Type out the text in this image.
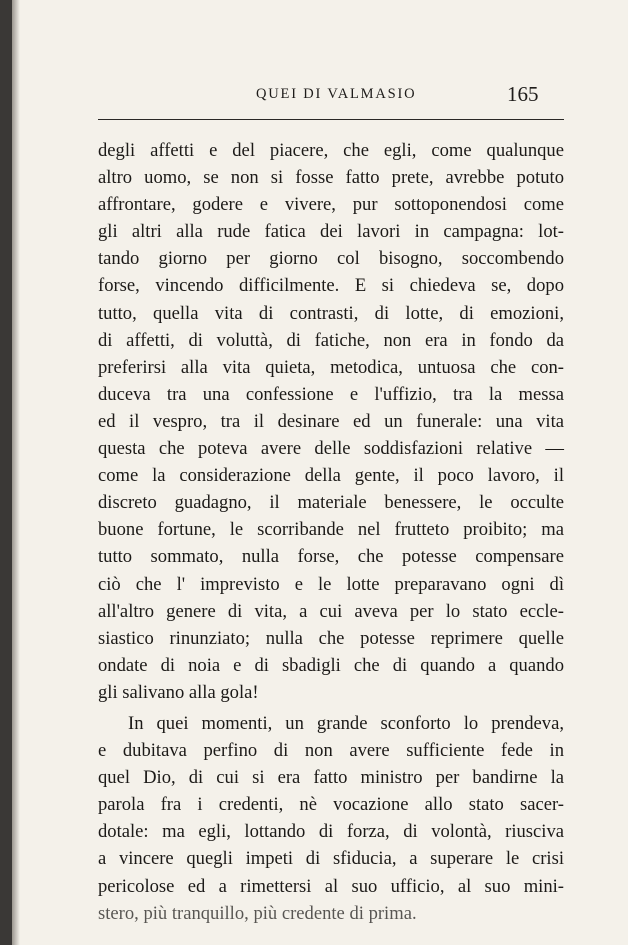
QUEI DI VALMASIO	165
degli affetti e del piacere, che egli, come qualunque
altro uomo, se non si fosse fatto prete, avrebbe potuto
affrontare, godere e vivere, pur sottoponendosi come
gli altri alla rude fatica dei lavori in campagna: lot-
tando giorno per giorno col bisogno, soccombendo
forse, vincendo difficilmente. E si chiedeva se, dopo
tutto, quella vita di contrasti, di lotte, di emozioni,
di affetti, di voluttà, di fatiche, non era in fondo da
preferirsi alla vita quieta, metodica, untuosa che con-
duceva tra una confessione e l'uffizio, tra la messa
ed il vespro, tra il desinare ed un funerale: una vita
questa che poteva avere delle soddisfazioni relative —
come la considerazione della gente, il poco lavoro, il
discreto guadagno, il materiale benessere, le occulte
buone fortune, le scorribande nel frutteto proibito; ma
tutto sommato, nulla forse, che potesse compensare
ciò che l' imprevisto e le lotte preparavano ogni dì
all'altro genere di vita, a cui aveva per lo stato eccle-
siastico rinunziato; nulla che potesse reprimere quelle
ondate di noia e di sbadigli che di quando a quando
gli salivano alla gola!
In quei momenti, un grande sconforto lo prendeva,
e dubitava perfino di non avere sufficiente fede in
quel Dio, di cui si era fatto ministro per bandirne la
parola fra i credenti, nè vocazione allo stato sacer-
dotale: ma egli, lottando di forza, di volontà, riusciva
a vincere quegli impeti di sfiducia, a superare le crisi
pericolose ed a rimettersi al suo ufficio, al suo mini-
stero, più tranquillo, più credente di prima.
